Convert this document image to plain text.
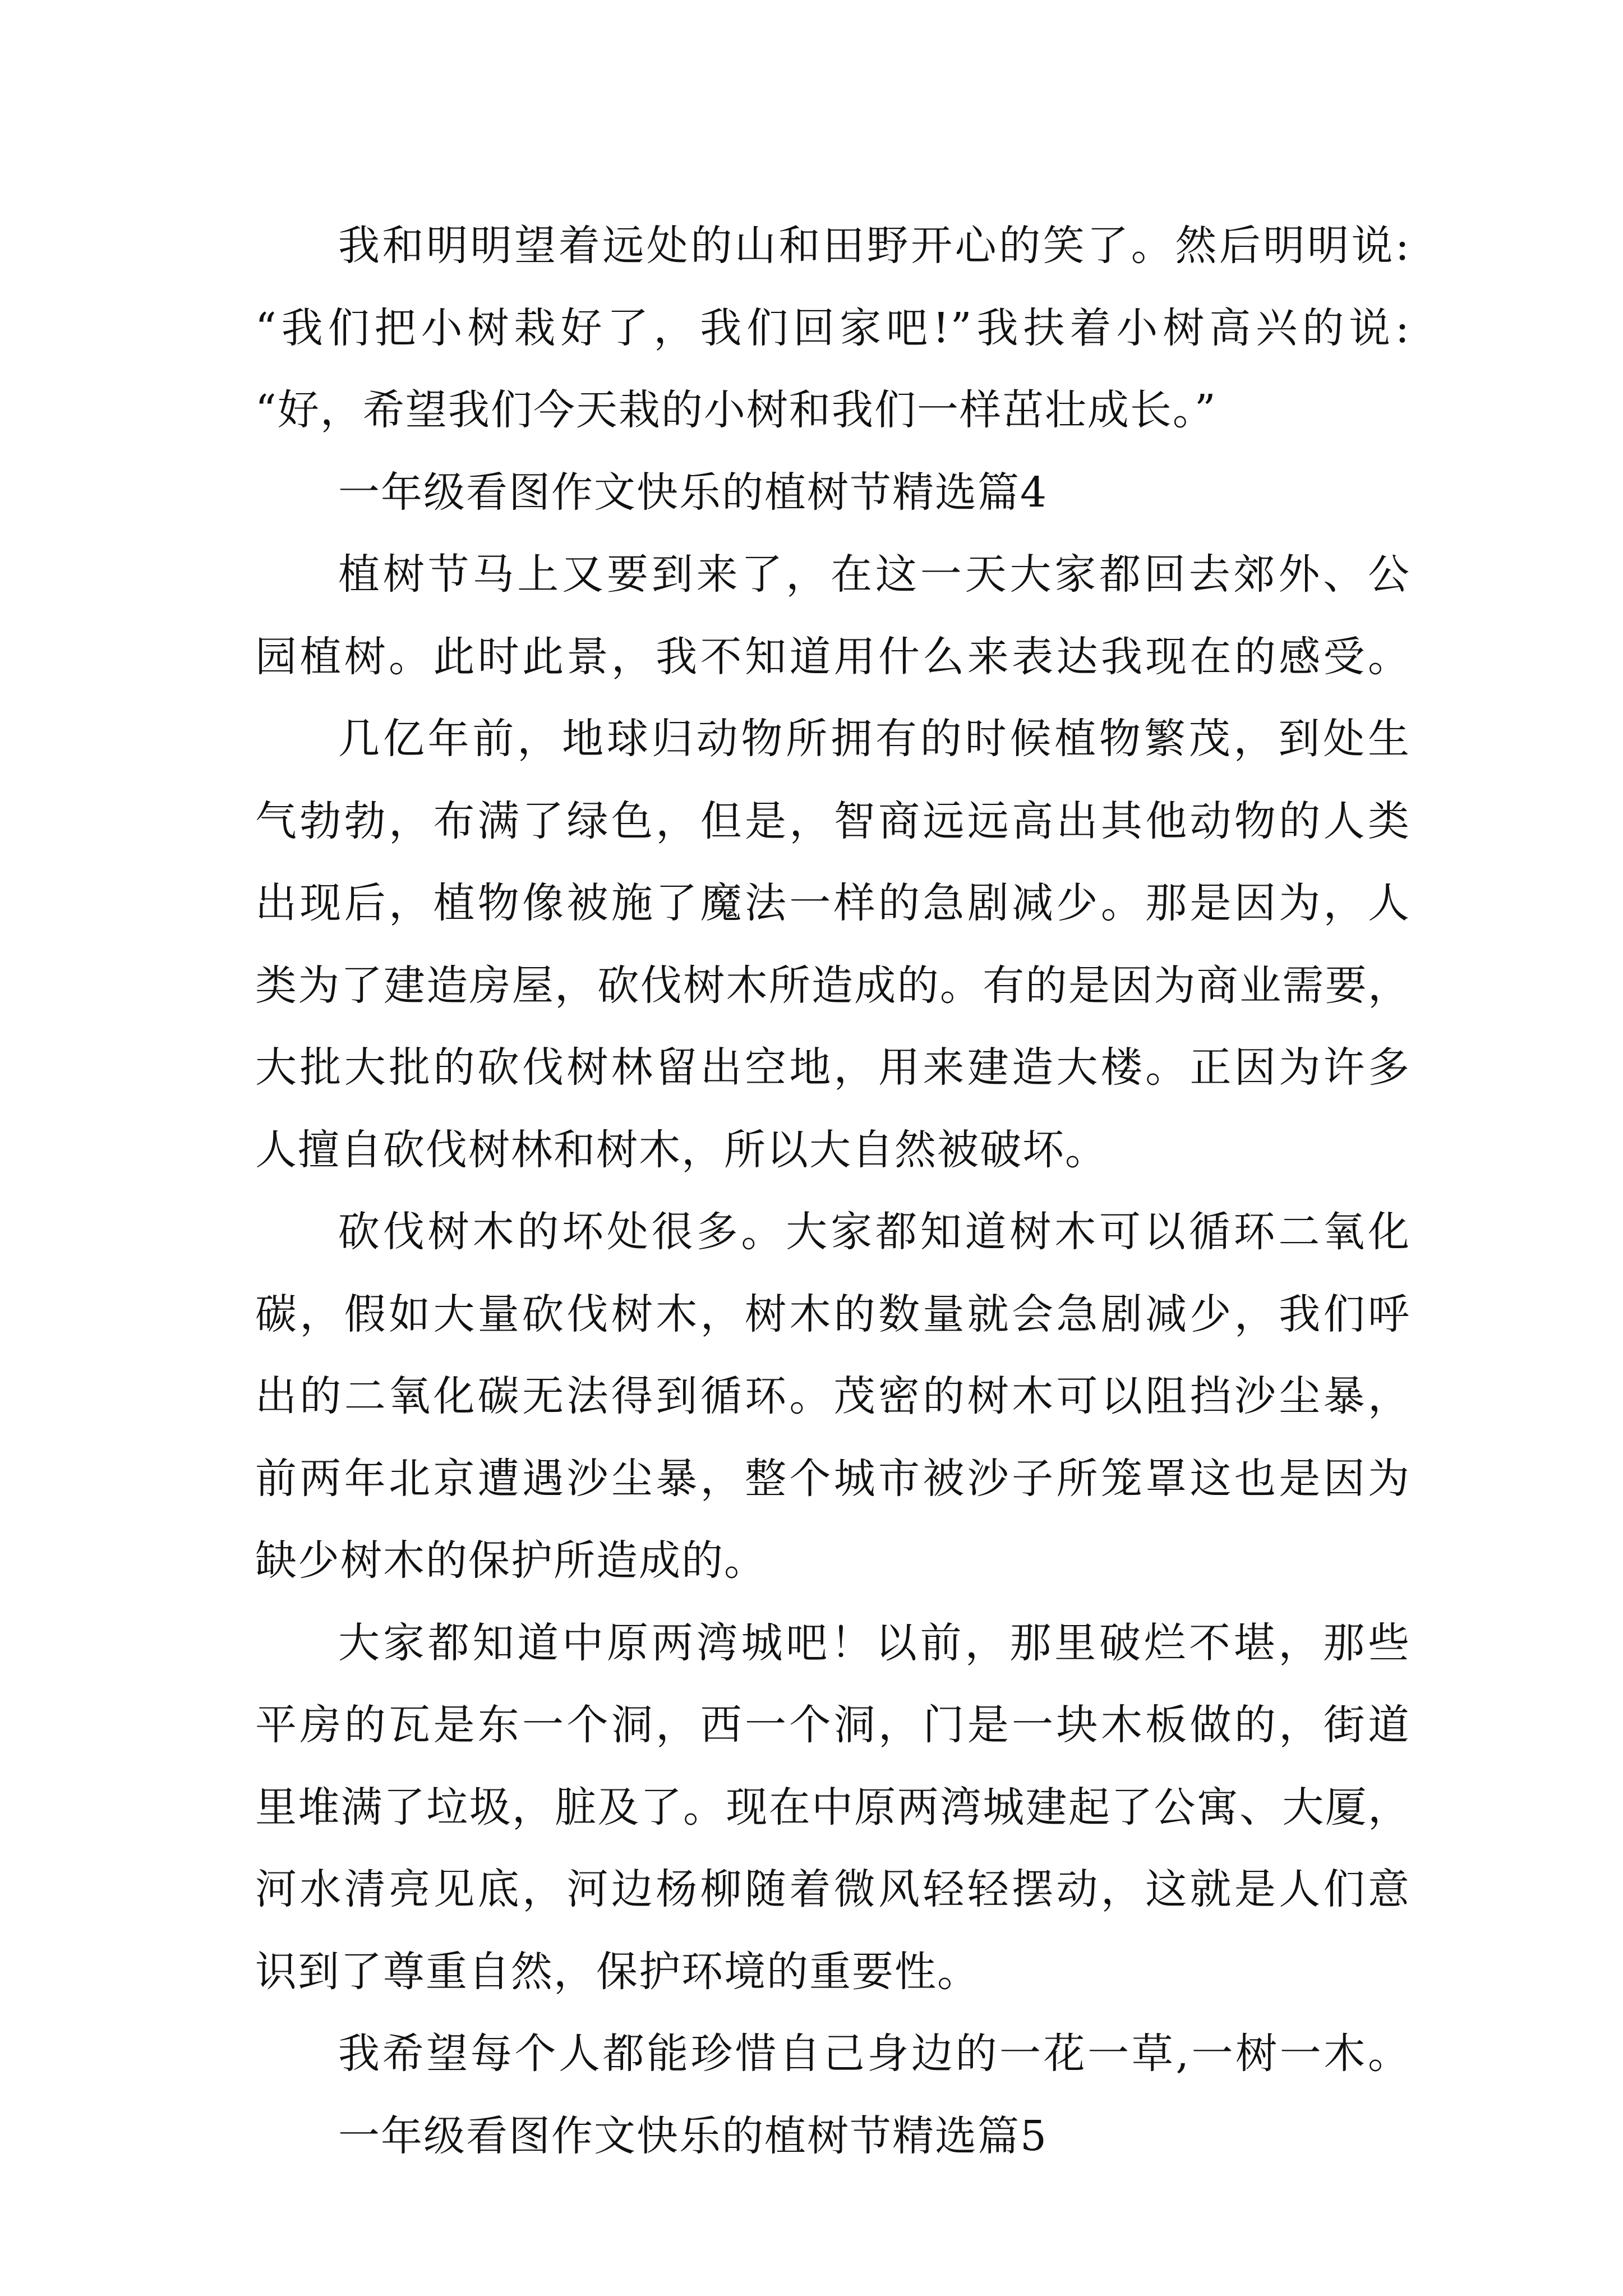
我和明明望着远处的山和田野开心的笑了。然后明明说:
“我们把小树栽好了，我们回家吧!”我扶着小树高兴的说:
“好，希望我们今天栽的小树和我们一样茁壮成长。”
一年级看图作文快乐的植树节精选篇4
植树节马上又要到来了，在这一天大家都回去郊外、公
园植树。此时此景，我不知道用什么来表达我现在的感受。
几亿年前，地球归动物所拥有的时候植物繁茂，到处生
气勃勃，布满了绿色，但是，智商远远高出其他动物的人类
出现后，植物像被施了魔法一样的急剧减少。那是因为，人
类为了建造房屋，砍伐树木所造成的。有的是因为商业需要，
大批大批的砍伐树林留出空地，用来建造大楼。正因为许多
人擅自砍伐树林和树木，所以大自然被破坏。
砍伐树木的坏处很多。大家都知道树木可以循环二氧化
碳，假如大量砍伐树木，树木的数量就会急剧减少，我们呼
出的二氧化碳无法得到循环。茂密的树木可以阻挡沙尘暴，
前两年北京遭遇沙尘暴，整个城市被沙子所笼罩这也是因为
缺少树木的保护所造成的。
大家都知道中原两湾城吧！以前，那里破烂不堪，那些
平房的瓦是东一个洞，西一个洞，门是一块木板做的，街道
里堆满了垃圾，脏及了。现在中原两湾城建起了公寓、大厦，
河水清亮见底，河边杨柳随着微风轻轻摆动，这就是人们意
识到了尊重自然，保护环境的重要性。
我希望每个人都能珍惜自己身边的一花一草,一树一木。
一年级看图作文快乐的植树节精选篇5
